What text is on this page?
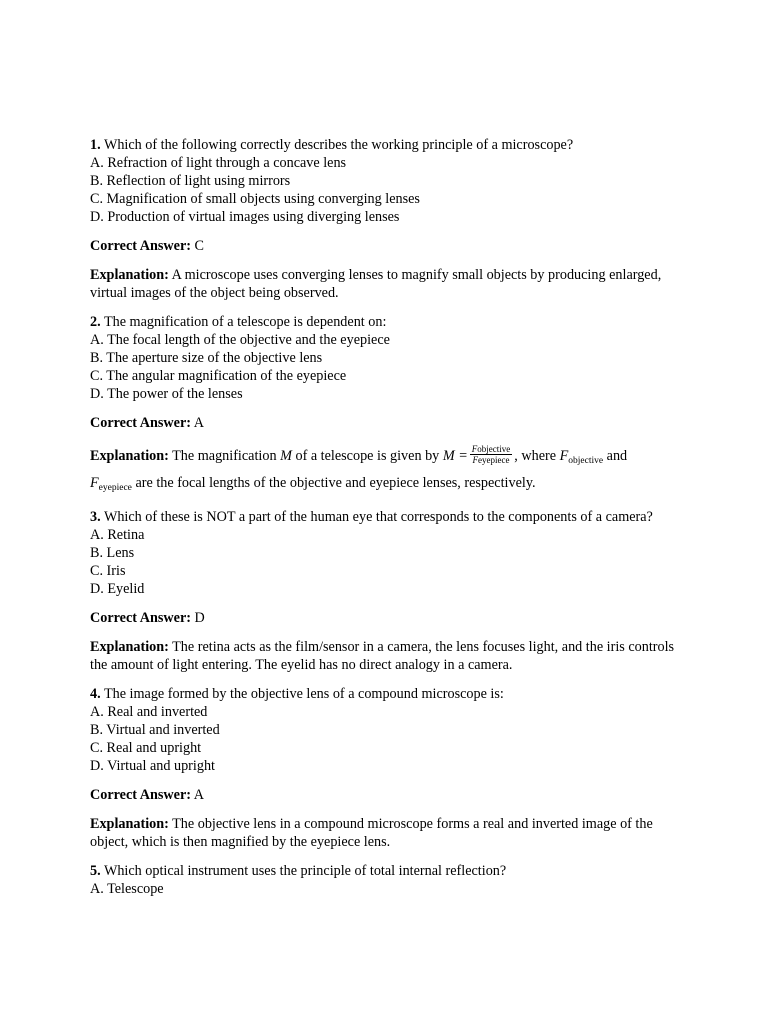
1. Which of the following correctly describes the working principle of a microscope?
A. Refraction of light through a concave lens
B. Reflection of light using mirrors
C. Magnification of small objects using converging lenses
D. Production of virtual images using diverging lenses
Correct Answer: C
Explanation: A microscope uses converging lenses to magnify small objects by producing enlarged, virtual images of the object being observed.
2. The magnification of a telescope is dependent on:
A. The focal length of the objective and the eyepiece
B. The aperture size of the objective lens
C. The angular magnification of the eyepiece
D. The power of the lenses
Correct Answer: A
Explanation: The magnification M of a telescope is given by $M = \frac{\text{Fobjective}}{\text{Feyepiece}}$ , where $F_{objective}$ and
$F_{eyepiece}$ are the focal lengths of the objective and eyepiece lenses, respectively.
3. Which of these is NOT a part of the human eye that corresponds to the components of a camera?
A. Retina
B. Lens
C. Iris
D. Eyelid
Correct Answer: D
Explanation: The retina acts as the film/sensor in a camera, the lens focuses light, and the iris controls the amount of light entering. The eyelid has no direct analogy in a camera.
4. The image formed by the objective lens of a compound microscope is:
A. Real and inverted
B. Virtual and inverted
C. Real and upright
D. Virtual and upright
Correct Answer: A
Explanation: The objective lens in a compound microscope forms a real and inverted image of the object, which is then magnified by the eyepiece lens.
5. Which optical instrument uses the principle of total internal reflection?
A. Telescope
